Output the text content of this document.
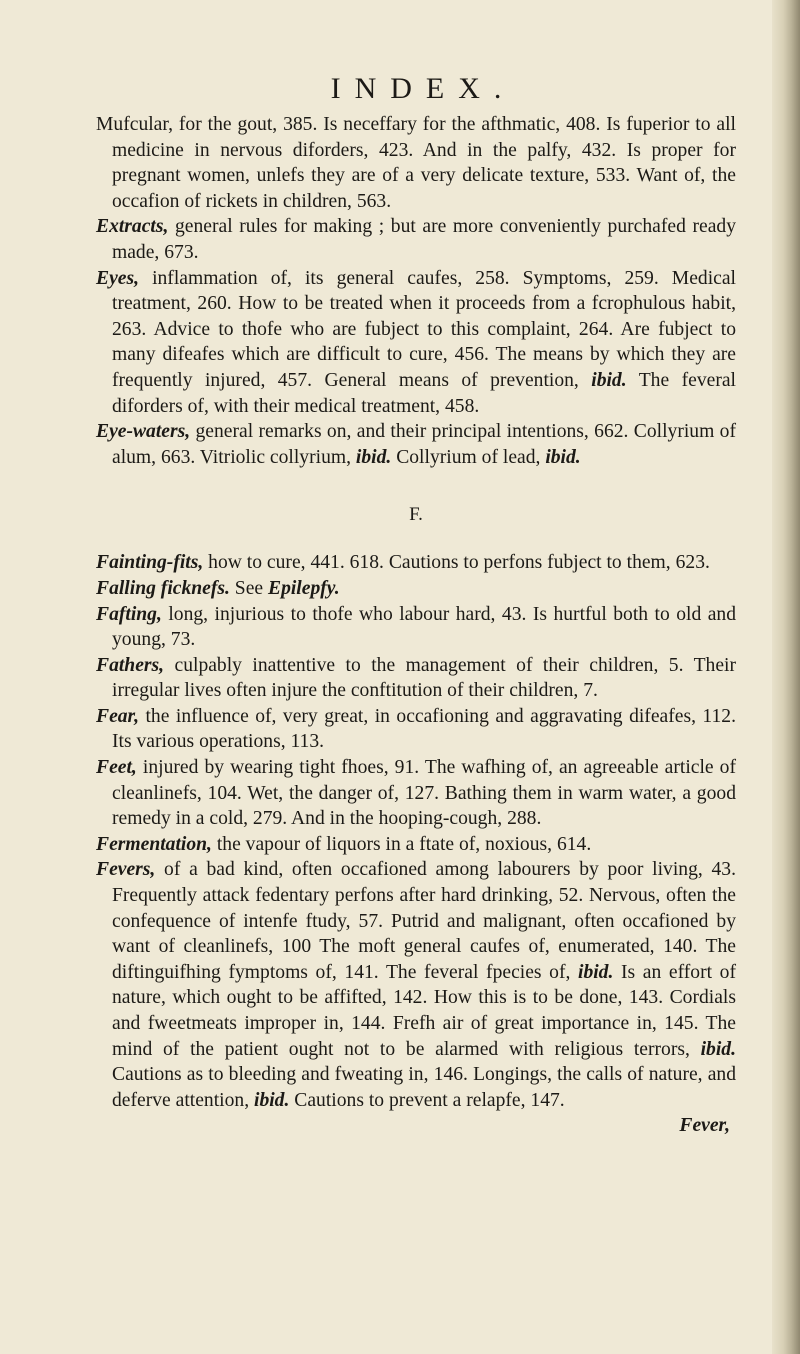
INDEX.

Mufcular, for the gout, 385. Is neceffary for the afthmatic, 408. Is fuperior to all medicine in nervous diforders, 423. And in the palfy, 432. Is proper for pregnant women, unlefs they are of a very delicate texture, 533. Want of, the occafion of rickets in children, 563.

Extracts, general rules for making ; but are more conveniently purchafed ready made, 673.

Eyes, inflammation of, its general caufes, 258. Symptoms, 259. Medical treatment, 260. How to be treated when it proceeds from a fcrophulous habit, 263. Advice to thofe who are fubject to this complaint, 264. Are fubject to many difeafes which are difficult to cure, 456. The means by which they are frequently injured, 457. General means of prevention, ibid. The feveral diforders of, with their medical treatment, 458.

Eye-waters, general remarks on, and their principal intentions, 662. Collyrium of alum, 663. Vitriolic collyrium, ibid. Collyrium of lead, ibid.

F.

Fainting-fits, how to cure, 441. 618. Cautions to perfons fubject to them, 623.

Falling ficknefs. See Epilepfy.

Fafting, long, injurious to thofe who labour hard, 43. Is hurtful both to old and young, 73.

Fathers, culpably inattentive to the management of their children, 5. Their irregular lives often injure the conftitution of their children, 7.

Fear, the influence of, very great, in occafioning and aggravating difeafes, 112. Its various operations, 113.

Feet, injured by wearing tight fhoes, 91. The wafhing of, an agreeable article of cleanlinefs, 104. Wet, the danger of, 127. Bathing them in warm water, a good remedy in a cold, 279. And in the hooping-cough, 288.

Fermentation, the vapour of liquors in a ftate of, noxious, 614.

Fevers, of a bad kind, often occafioned among labourers by poor living, 43. Frequently attack fedentary perfons after hard drinking, 52. Nervous, often the confequence of intenfe ftudy, 57. Putrid and malignant, often occafioned by want of cleanlinefs, 100 The moft general caufes of, enumerated, 140. The diftinguifhing fymptoms of, 141. The feveral fpecies of, ibid. Is an effort of nature, which ought to be affifted, 142. How this is to be done, 143. Cordials and fweetmeats improper in, 144. Frefh air of great importance in, 145. The mind of the patient ought not to be alarmed with religious terrors, ibid. Cautions as to bleeding and fweating in, 146. Longings, the calls of nature, and deferve attention, ibid. Cautions to prevent a relapfe, 147.

Fever,
